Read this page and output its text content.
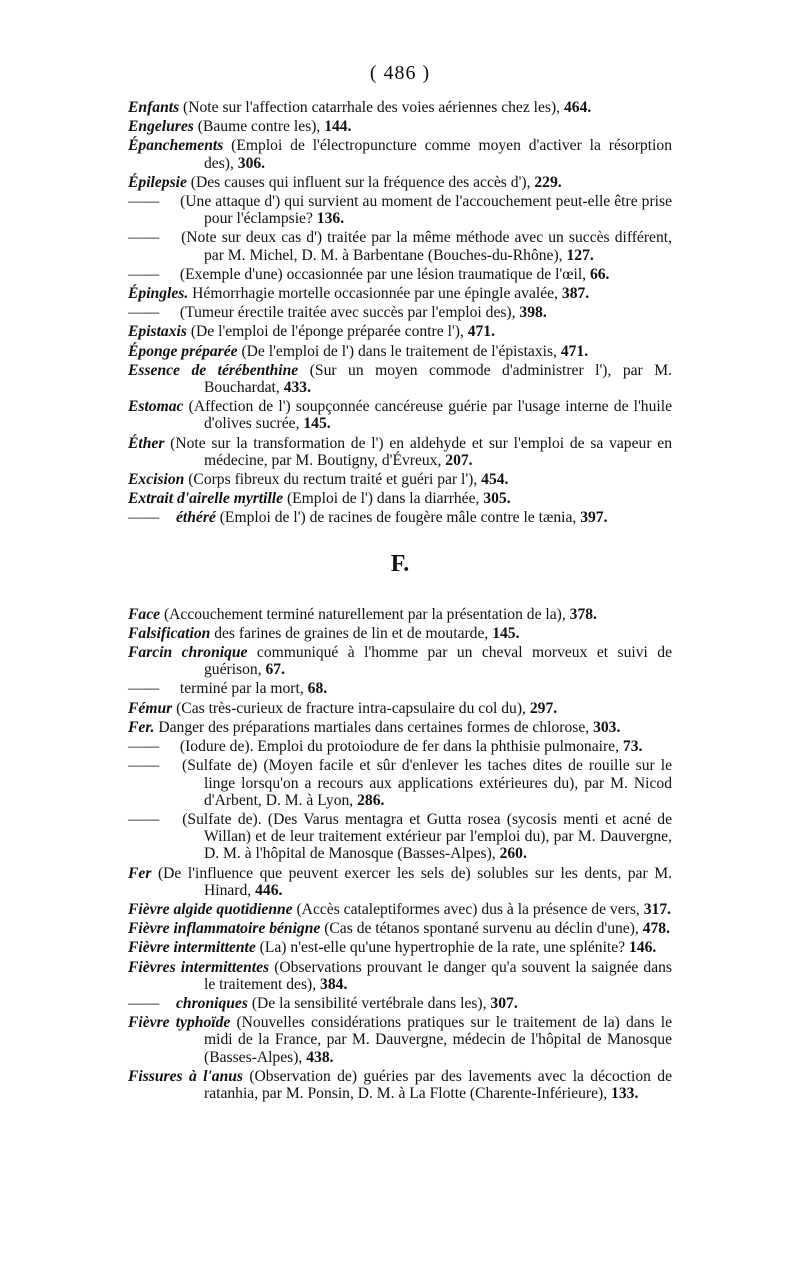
( 486 )

Enfants (Note sur l'affection catarrhale des voies aériennes chez les), 464.

Engelures (Baume contre les), 144.

Épanchements (Emploi de l'électropuncture comme moyen d'activer la résorption des), 306.

Épilepsie (Des causes qui influent sur la fréquence des accès d'), 229.

—— (Une attaque d') qui survient au moment de l'accouchement peut-elle être prise pour l'éclampsie? 136.

—— (Note sur deux cas d') traitée par la même méthode avec un succès différent, par M. Michel, D. M. à Barbentane (Bouches-du-Rhône), 127.

—— (Exemple d'une) occasionnée par une lésion traumatique de l'œil, 66.

Épingles. Hémorrhagie mortelle occasionnée par une épingle avalée, 387.

—— (Tumeur érectile traitée avec succès par l'emploi des), 398.

Epistaxis (De l'emploi de l'éponge préparée contre l'), 471.

Éponge préparée (De l'emploi de l') dans le traitement de l'épistaxis, 471.

Essence de térébenthine (Sur un moyen commode d'administrer l'), par M. Bouchardat, 433.

Estomac (Affection de l') soupçonnée cancéreuse guérie par l'usage interne de l'huile d'olives sucrée, 145.

Éther (Note sur la transformation de l') en aldehyde et sur l'emploi de sa vapeur en médecine, par M. Boutigny, d'Évreux, 207.

Excision (Corps fibreux du rectum traité et guéri par l'), 454.

Extrait d'airelle myrtille (Emploi de l') dans la diarrhée, 305.

—— éthéré (Emploi de l') de racines de fougère mâle contre le tænia, 397.

F.

Face (Accouchement terminé naturellement par la présentation de la), 378.

Falsification des farines de graines de lin et de moutarde, 145.

Farcin chronique communiqué à l'homme par un cheval morveux et suivi de guérison, 67.

—— terminé par la mort, 68.

Fémur (Cas très-curieux de fracture intra-capsulaire du col du), 297.

Fer. Danger des préparations martiales dans certaines formes de chlorose, 303.

—— (Iodure de). Emploi du protoiodure de fer dans la phthisie pulmonaire, 73.

—— (Sulfate de) (Moyen facile et sûr d'enlever les taches dites de rouille sur le linge lorsqu'on a recours aux applications extérieures du), par M. Nicod d'Arbent, D. M. à Lyon, 286.

—— (Sulfate de). (Des Varus mentagra et Gutta rosea (sycosis menti et acné de Willan) et de leur traitement extérieur par l'emploi du), par M. Dauvergne, D. M. à l'hôpital de Manosque (Basses-Alpes), 260.

Fer (De l'influence que peuvent exercer les sels de) solubles sur les dents, par M. Hinard, 446.

Fièvre algide quotidienne (Accès cataleptiformes avec) dus à la présence de vers, 317.

Fièvre inflammatoire bénigne (Cas de tétanos spontané survenu au déclin d'une), 478.

Fièvre intermittente (La) n'est-elle qu'une hypertrophie de la rate, une splénite? 146.

Fièvres intermittentes (Observations prouvant le danger qu'a souvent la saignée dans le traitement des), 384.

—— chroniques (De la sensibilité vertébrale dans les), 307.

Fièvre typhoïde (Nouvelles considérations pratiques sur le traitement de la) dans le midi de la France, par M. Dauvergne, médecin de l'hôpital de Manosque (Basses-Alpes), 438.

Fissures à l'anus (Observation de) guéries par des lavements avec la décoction de ratanhia, par M. Ponsin, D. M. à La Flotte (Charente-Inférieure), 133.
